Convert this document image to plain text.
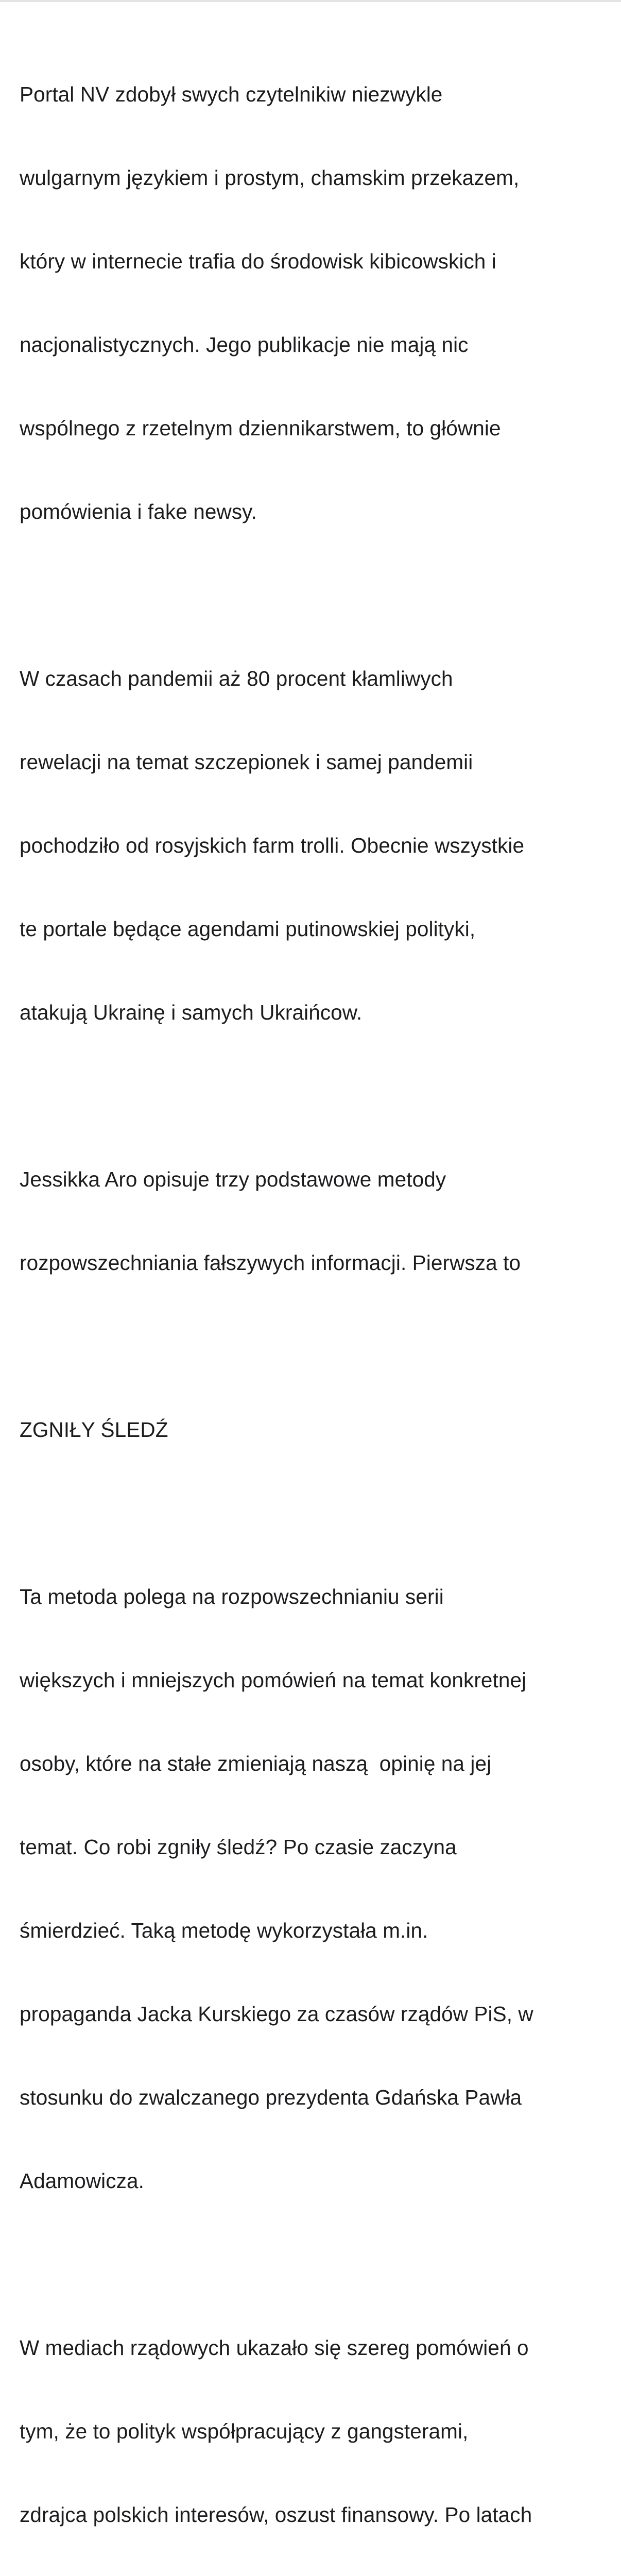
Portal NV zdobył swych czytelnikiw niezwykle

wulgarnym językiem i prostym, chamskim przekazem,

który w internecie trafia do środowisk kibicowskich i

nacjonalistycznych. Jego publikacje nie mają nic

wspólnego z rzetelnym dziennikarstwem, to głównie

pomówienia i fake newsy.

W czasach pandemii aż 80 procent kłamliwych

rewelacji na temat szczepionek i samej pandemii

pochodziło od rosyjskich farm trolli. Obecnie wszystkie

te portale będące agendami putinowskiej polityki,

atakują Ukrainę i samych Ukraińcow.

Jessikka Aro opisuje trzy podstawowe metody

rozpowszechniania fałszywych informacji. Pierwsza to

ZGNIŁY ŚLEDŹ

Ta metoda polega na rozpowszechnianiu serii

większych i mniejszych pomówień na temat konkretnej

osoby, które na stałe zmieniają naszą  opinię na jej

temat. Co robi zgniły śledź? Po czasie zaczyna

śmierdzieć. Taką metodę wykorzystała m.in.

propaganda Jacka Kurskiego za czasów rządów PiS, w

stosunku do zwalczanego prezydenta Gdańska Pawła

Adamowicza.

W mediach rządowych ukazało się szereg pomówień o

tym, że to polityk współpracujący z gangsterami,

zdrajca polskich interesów, oszust finansowy. Po latach
